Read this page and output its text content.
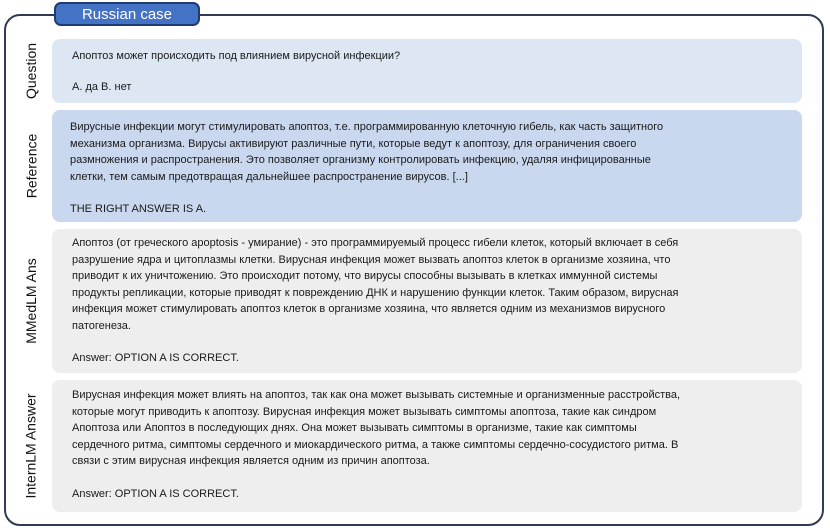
Russian case
Question	Апоптоз может происходить под влиянием вирусной инфекции?

A. да B. нет

Reference

Вирусные инфекции могут стимулировать апоптоз, т.е. программированную клеточную гибель, как часть защитного

механизма организма. Вирусы активируют различные пути, которые ведут к апоптозу, для ограничения своего

размножения и распространения. Это позволяет организму контролировать инфекцию, удаляя инфицированные

клетки, тем самым предотвращая дальнейшее распространение вирусов. [...]

THE RIGHT ANSWER IS A.

MMedLM Ans

Апоптоз (от греческого apoptosis - умирание) - это программируемый процесс гибели клеток, который включает в себя

разрушение ядра и цитоплазмы клетки. Вирусная инфекция может вызвать апоптоз клеток в организме хозяина, что

приводит к их уничтожению. Это происходит потому, что вирусы способны вызывать в клетках иммунной системы

продукты репликации, которые приводят к повреждению ДНК и нарушению функции клеток. Таким образом, вирусная

инфекция может стимулировать апоптоз клеток в организме хозяина, что является одним из механизмов вирусного

патогенеза.

Answer: OPTION A IS CORRECT.

InternLM Answer	Вирусная инфекция может влиять на апоптоз, так как она может вызывать системные и организменные расстройства,

которые могут приводить к апоптозу. Вирусная инфекция может вызывать симптомы апоптоза, такие как синдром

Апоптоза или Апоптоз в последующих днях. Она может вызывать симптомы в организме, такие как симптомы

сердечного ритма, симптомы сердечного и миокардического ритма, а также симптомы сердечно-сосудистого ритма. В

связи с этим вирусная инфекция является одним из причин апоптоза.

Answer: OPTION A IS CORRECT.
